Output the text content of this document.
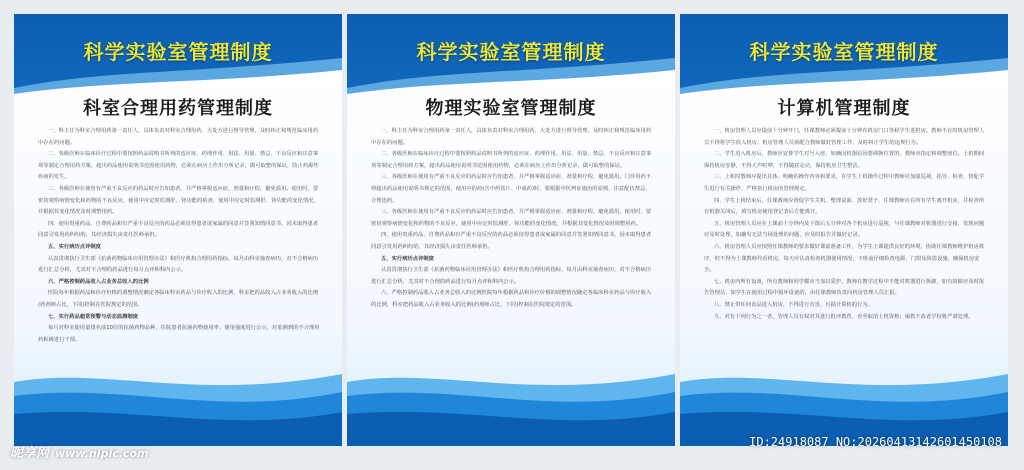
科学实验室管理制度
科室合理用药管理制度

一、科主任为科室合理用药第一责任人，具体负责对科室合理用药、大处方进行督导管理，及时纠正和规范临床用药中存在的问题。

二、各级医师在临床诊疗过程中要按照药品说明书所列的适应症、药理作用、用法、用量、禁忌、不良反应和注意事项等制定合理用药方案，超出药品使用说明书范围使用药物，必须在病历上作出分析记录，做可取整的保证，防止药源性疾病的发生。

三、各级医师在使用有严重不良反应的药品时应告知患者，并严格掌握适应症、剂量和疗程，避免滥用。使用时，要密切观察病情变化和药物的不良反应，使用中应定时监测肝、肾功能的检查，使用中应定时监测肝、肾功能的变化情况，并根据其变化情况及时调整用药。

四、使用贵重药品、自费药品和有严重不良反应的药品必须征得患者或家属的同意并签署知情同意书，因未取得患者同意引发用药纠纷的，其经济损失由责任医师承担。

五、实行病历点评制度

认真贯彻执行卫生部《抗菌药物临床应用管理办法》和医疗机构合理用药指标，每月由科室抽查病历，对不合格病历进行汇总分析，尤其对不合理的药品进行每月点评和科内公示。

六、严格控制药品收入占业务总收入的比例

医院每年根据药品和诊疗价格的调整情况确定各临床科室药品与诊疗收入的比例，科室把药品收入占业务收入的比例(药剂师占比，下同)控制在医院规定的范围。

七、实行药品超常预警与动态监测制度

每月对科室使用量排名前10位的抗菌药物品种，住院患者抗菌药物使用率、使用强度进行公示，对监测到的不合理用药积极进行干预。

科学实验室管理制度
物理实验室管理制度

一、科主任为科室合理用药第一责任人，具体负责对科室合理用药、大处方进行督导管理，及时纠正和规范临床用药中存在的问题。

二、各级医师在临床诊疗过程中要按照药品说明书所列的适应症、药理作用、用法、用量、禁忌、不良反应和注意事项等制定合理用药方案，超出药品使用说明书范围使用药物，必须在病历上作出分析记录，做可取整的保证。

三、各级医师在使用有严重不良反应的药品时应告知患者，并严格掌握适应症、剂量和疗程，避免滥用。门诊用药不得超出药品使用说明书规定的范围，使用中的药(含中药饮片、中成药)时，要根据中医辨证施治的原则，注意配伍禁忌，合理选药。

三、各级医师在使用有严重不良反应的药品时应告知患者，并严格掌握适应症、剂量和疗程，避免滥用。使用时，要密切观察病情变化和药物的不良反应，使用中应定时监测肝、肾功能的变化情况，并根据其变化情况及时调整用药。

四、使用贵重药品、自费药品和有严重不良反应的药品必须征得患者或家属的同意并签署知情同意书，因未取得患者同意引发用药纠纷的，其经济损失由责任医师承担。

五、实行病历点评制度

认真贯彻执行卫生部《抗菌药物临床应用管理办法》和医疗机构合理用药指标，每月由科室抽查病历，对不合格病历进行汇总分析，尤其对不合理的药品进行每月点评和科内公示。

六、严格控制药品收入占业务总收入的比例医院每年根据药品和诊疗价格的调整情况确定各临床科室药品与诊疗收入的比例，科室把药品收入占业务收入的比例(药剂师占比，下同)控制在医院规定的范围。

科学实验室管理制度
计算机管理制度

一、机房管理人员应提前十分钟开门，任课教师必须提前十分钟在机房门口等候学生进机房。教师不在时机房管理人员不得将学生放入机房。机房管理人员须配合教师做好管理工作，及时纠正学生的违规行为。

二、学生进入机房后，教师应安排学生对号入座，如确因机器原因要调换位置的，教师应指定和调整座位。上机期间保持机房安静，不得大声喧哗，不得随意走动，保持机房卫生整洁。

三、上机时教师应提出具体、明确的操作内容和要求，在学生上机操作过程中教师应加强巡视，指导、检查，督促学生进行有关操作，严格执行机房的管理规定。

四、学生上机结束后，任课教师应督促学生关机、整理桌面、放好凳子，任课教师应在所有学生离开机房，并检查所有机器关闭后，填写机房使用登记表后方能离开。

五、机房管理人员应在上课前十分钟内及下课后五分钟对各个机房进行巡视，与任课教师对机器进行交接，发现问题应及时处理，如确有无法当场处理的问题，应及时报告并做好记录。

六、机房管理人员应按照任课教师的要求做好课前准备工作，为学生上课提供良好的环境，协助任课教师维护机房秩序，但不得为上课教师代看机房，每天应认真检查机器使用情况，下班前仔细检查电源、门窗及防盗设施，确保机房安全。

七、机房内所有设备，所有教师和同学都应当加以爱护，教师在教学过程中不能对机器进行拆卸，如有故障应及时报告管理员，如学生在使用过程中损坏设备的，由任课教师负责向机房管理人员汇报。

八、禁止带任何食品进入机房，不得进行有害，污损计算机的行为。

九、对有下列行为之一者，管理人员有权对其进行批评教育，直至取消上机资格；屡教不改者学校将严肃处理。

昵享网 www.nipic.com
ID:24918087 NO:20260413142601450108
